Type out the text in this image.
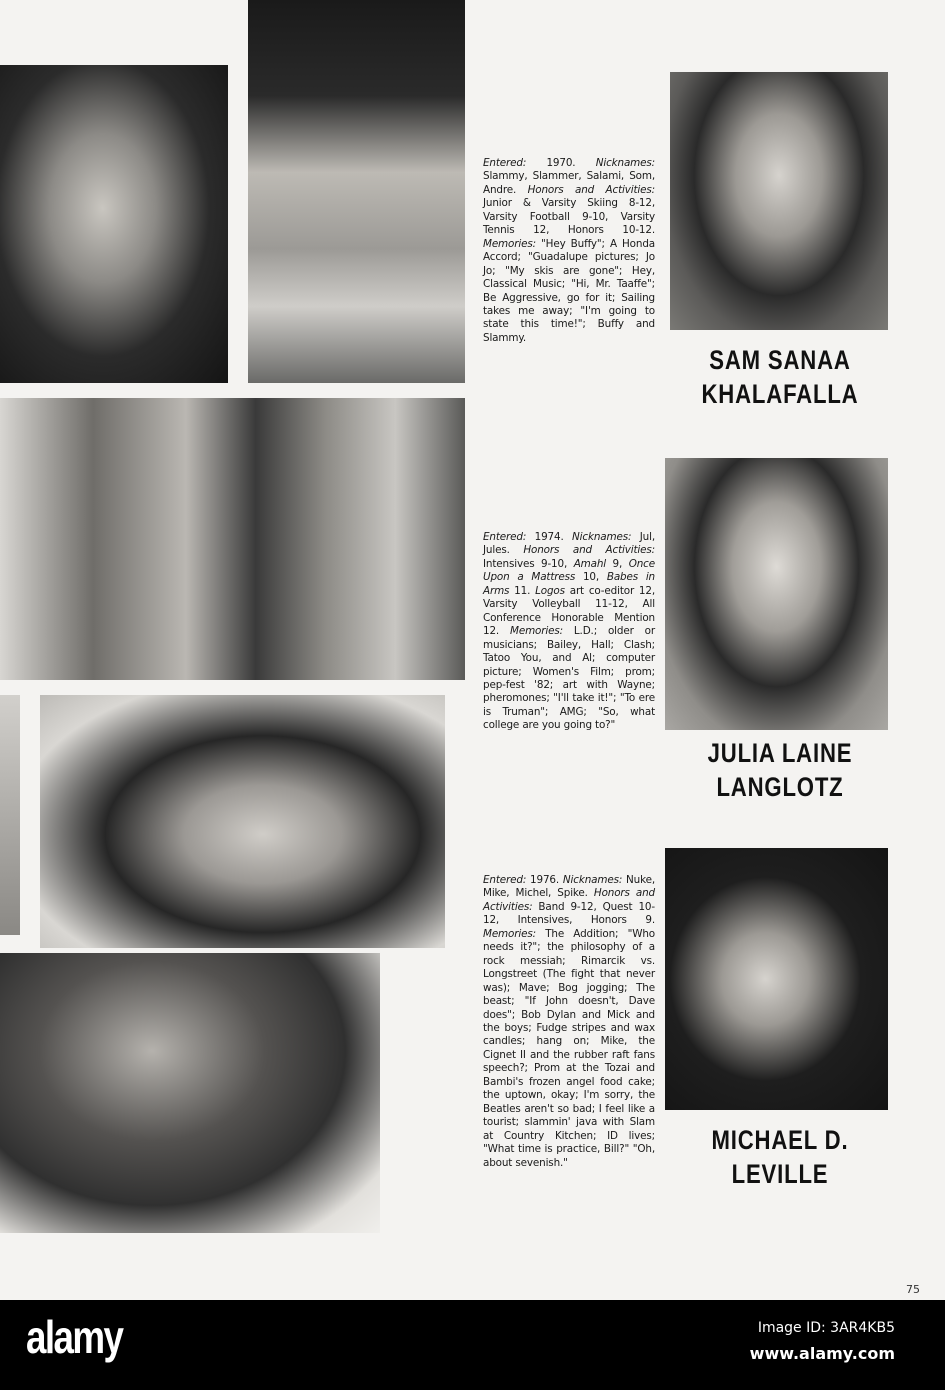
Entered: 1970. Nicknames: Slammy, Slammer, Salami, Som, Andre. Honors and Activities: Junior & Varsity Skiing 8-12, Varsity Football 9-10, Varsity Tennis 12, Honors 10-12. Memories: "Hey Buffy"; A Honda Accord; "Guadalupe pictures; Jo Jo; "My skis are gone"; Hey, Classical Music; "Hi, Mr. Taaffe"; Be Aggressive, go for it; Sailing takes me away; "I'm going to state this time!"; Buffy and Slammy.
SAM SANAA
KHALAFALLA
Entered: 1974. Nicknames: Jul, Jules. Honors and Activities: Intensives 9-10, Amahl 9, Once Upon a Mattress 10, Babes in Arms 11. Logos art co-editor 12, Varsity Volleyball 11-12, All Conference Honorable Mention 12. Memories: L.D.; older or musicians; Bailey, Hall; Clash; Tatoo You, and Al; computer picture; Women's Film; prom; pep-fest '82; art with Wayne; pheromones; "I'll take it!"; "To ere is Truman"; AMG; "So, what college are you going to?"
JULIA LAINE
LANGLOTZ
Entered: 1976. Nicknames: Nuke, Mike, Michel, Spike. Honors and Activities: Band 9-12, Quest 10-12, Intensives, Honors 9. Memories: The Addition; "Who needs it?"; the philosophy of a rock messiah; Rimarcik vs. Longstreet (The fight that never was); Mave; Bog jogging; The beast; "If John doesn't, Dave does"; Bob Dylan and Mick and the boys; Fudge stripes and wax candles; hang on; Mike, the Cignet II and the rubber raft fans speech?; Prom at the Tozai and Bambi's frozen angel food cake; the uptown, okay; I'm sorry, the Beatles aren't so bad; I feel like a tourist; slammin' java with Slam at Country Kitchen; ID lives; "What time is practice, Bill?" "Oh, about sevenish."
MICHAEL D.
LEVILLE
75
alamy	Image ID: 3AR4KB5
www.alamy.com
